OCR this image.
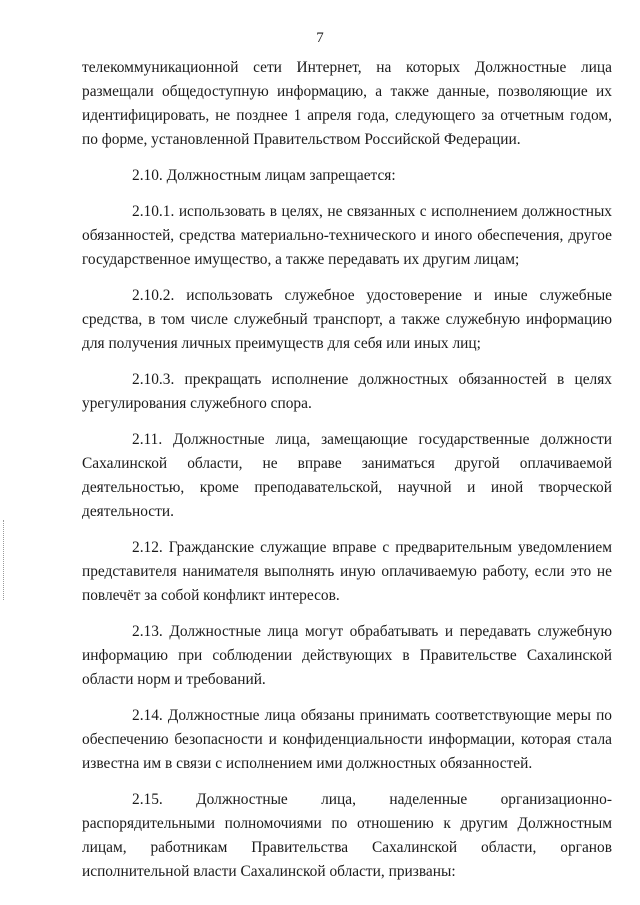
7

телекоммуникационной сети Интернет, на которых Должностные лица размещали общедоступную информацию, а также данные, позволяющие их идентифицировать, не позднее 1 апреля года, следующего за отчетным годом, по форме, установленной Правительством Российской Федерации.

2.10. Должностным лицам запрещается:

2.10.1. использовать в целях, не связанных с исполнением должностных обязанностей, средства материально-технического и иного обеспечения, другое государственное имущество, а также передавать их другим лицам;

2.10.2. использовать служебное удостоверение и иные служебные средства, в том числе служебный транспорт, а также служебную информацию для получения личных преимуществ для себя или иных лиц;

2.10.3. прекращать исполнение должностных обязанностей в целях урегулирования служебного спора.

2.11. Должностные лица, замещающие государственные должности Сахалинской области, не вправе заниматься другой оплачиваемой деятельностью, кроме преподавательской, научной и иной творческой деятельности.

2.12. Гражданские служащие вправе с предварительным уведомлением представителя нанимателя выполнять иную оплачиваемую работу, если это не повлечёт за собой конфликт интересов.

2.13. Должностные лица могут обрабатывать и передавать служебную информацию при соблюдении действующих в Правительстве Сахалинской области норм и требований.

2.14. Должностные лица обязаны принимать соответствующие меры по обеспечению безопасности и конфиденциальности информации, которая стала известна им в связи с исполнением ими должностных обязанностей.

2.15. Должностные лица, наделенные организационно-распорядительными полномочиями по отношению к другим Должностным лицам, работникам Правительства Сахалинской области, органов исполнительной власти Сахалинской области, призваны:
